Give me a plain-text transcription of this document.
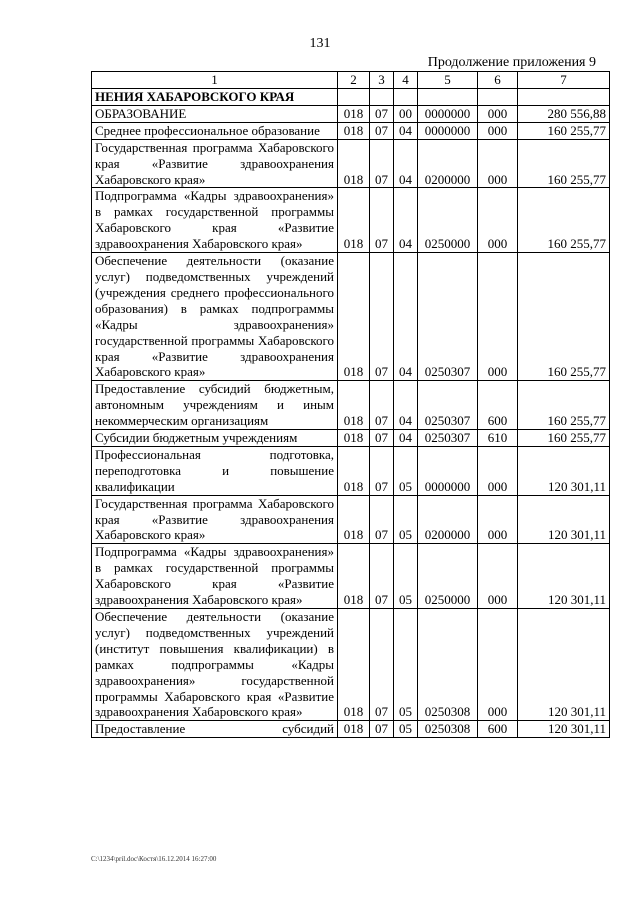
131
Продолжение приложения 9
1	2	3	4	5	6	7
НЕНИЯ ХАБАРОВСКОГО КРАЯ						
ОБРАЗОВАНИЕ	018	07	00	0000000	000	280 556,88
Среднее профессиональное образование	018	07	04	0000000	000	160 255,77
Государственная программа Хабаровского края «Развитие здравоохранения Хабаровского края»	018	07	04	0200000	000	160 255,77
Подпрограмма «Кадры здравоохранения» в рамках государственной программы Хабаровского края «Развитие здравоохранения Хабаровского края»	018	07	04	0250000	000	160 255,77
Обеспечение деятельности (оказание услуг) подведомственных учреждений (учреждения среднего профессионального образования) в рамках подпрограммы «Кадры здравоохранения» государственной программы Хабаровского края «Развитие здравоохранения Хабаровского края»	018	07	04	0250307	000	160 255,77
Предоставление субсидий бюджетным, автономным учреждениям и иным некоммерческим организациям	018	07	04	0250307	600	160 255,77
Субсидии бюджетным учреждениям	018	07	04	0250307	610	160 255,77
Профессиональная подготовка, переподготовка и повышение квалификации	018	07	05	0000000	000	120 301,11
Государственная программа Хабаровского края «Развитие здравоохранения Хабаровского края»	018	07	05	0200000	000	120 301,11
Подпрограмма «Кадры здравоохранения» в рамках государственной программы Хабаровского края «Развитие здравоохранения Хабаровского края»	018	07	05	0250000	000	120 301,11
Обеспечение деятельности (оказание услуг) подведомственных учреждений (институт повышения квалификации) в рамках подпрограммы «Кадры здравоохранения» государственной программы Хабаровского края «Развитие здравоохранения Хабаровского края»	018	07	05	0250308	000	120 301,11
Предоставление субсидий	018	07	05	0250308	600	120 301,11
C:\1234\pril.doc\Костя\16.12.2014 16:27:00
